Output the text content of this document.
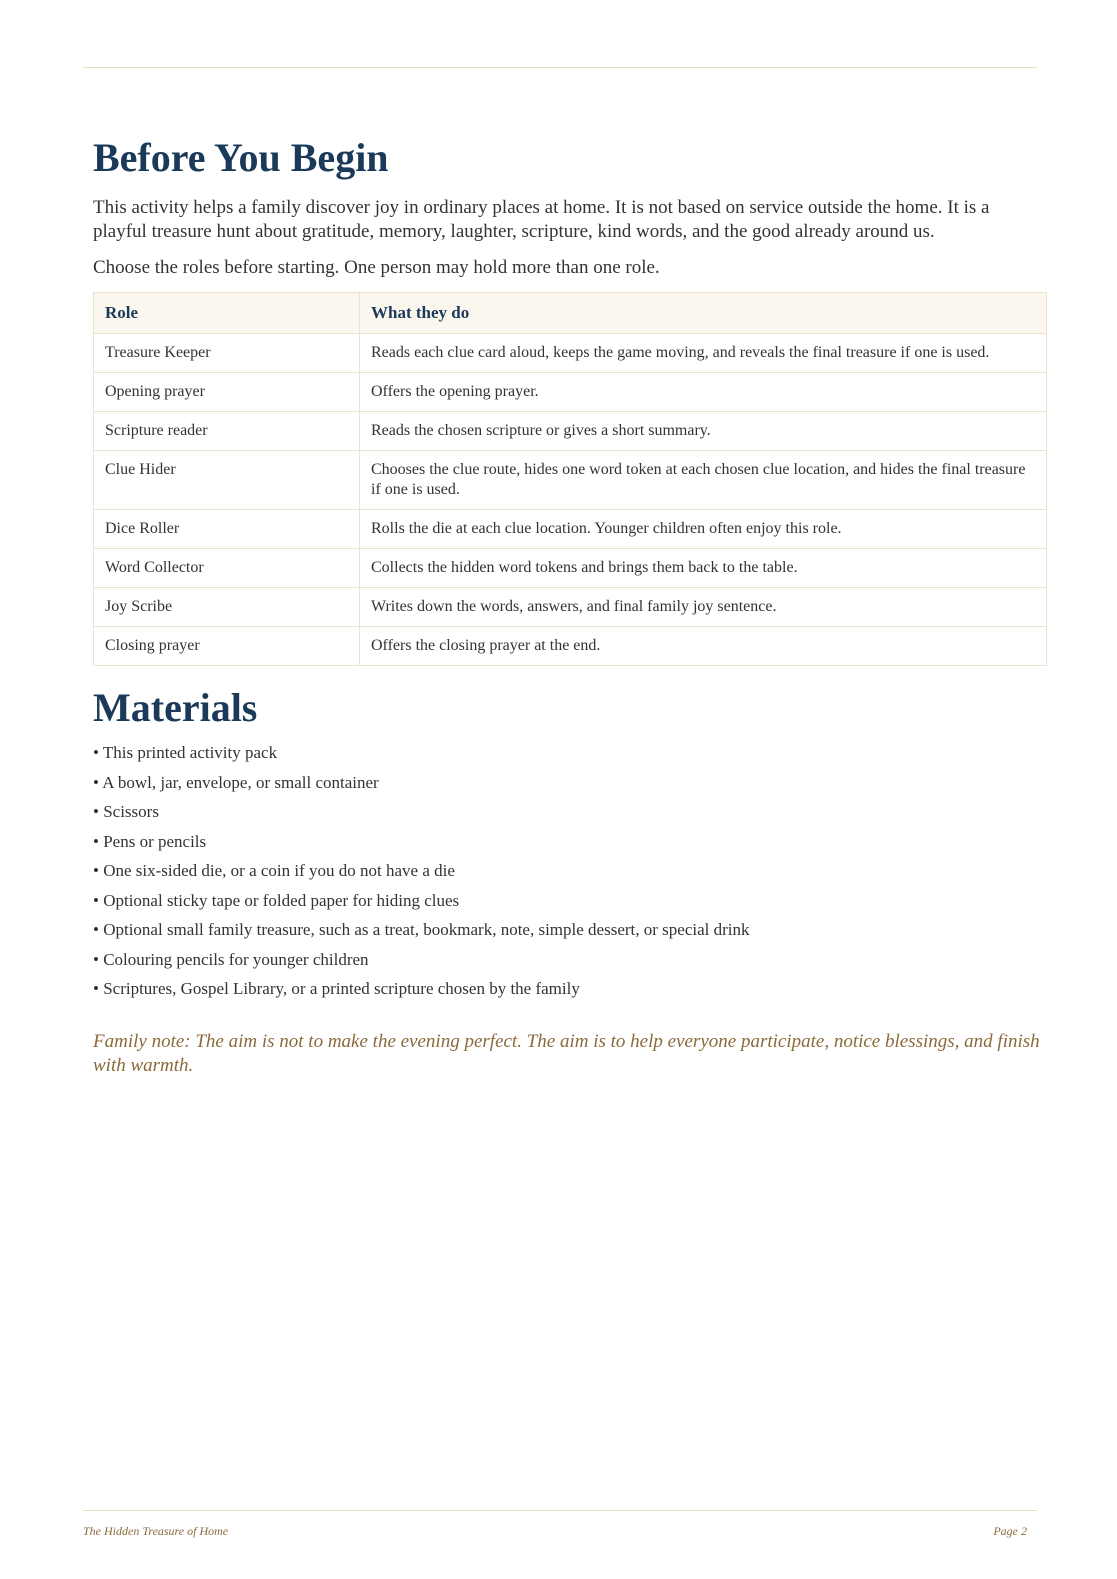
Before You Begin

This activity helps a family discover joy in ordinary places at home. It is not based on service outside the home. It is a playful treasure hunt about gratitude, memory, laughter, scripture, kind words, and the good already around us.

Choose the roles before starting. One person may hold more than one role.

Role	What they do
Treasure Keeper	Reads each clue card aloud, keeps the game moving, and reveals the final treasure if one is used.
Opening prayer	Offers the opening prayer.
Scripture reader	Reads the chosen scripture or gives a short summary.
Clue Hider	Chooses the clue route, hides one word token at each chosen clue location, and hides the final treasure if one is used.
Dice Roller	Rolls the die at each clue location. Younger children often enjoy this role.
Word Collector	Collects the hidden word tokens and brings them back to the table.
Joy Scribe	Writes down the words, answers, and final family joy sentence.
Closing prayer	Offers the closing prayer at the end.
Materials
• This printed activity pack
• A bowl, jar, envelope, or small container
• Scissors
• Pens or pencils
• One six-sided die, or a coin if you do not have a die
• Optional sticky tape or folded paper for hiding clues
• Optional small family treasure, such as a treat, bookmark, note, simple dessert, or special drink
• Colouring pencils for younger children
• Scriptures, Gospel Library, or a printed scripture chosen by the family

Family note: The aim is not to make the evening perfect. The aim is to help everyone participate, notice blessings, and finish with warmth.

The Hidden Treasure of Home	Page 2
